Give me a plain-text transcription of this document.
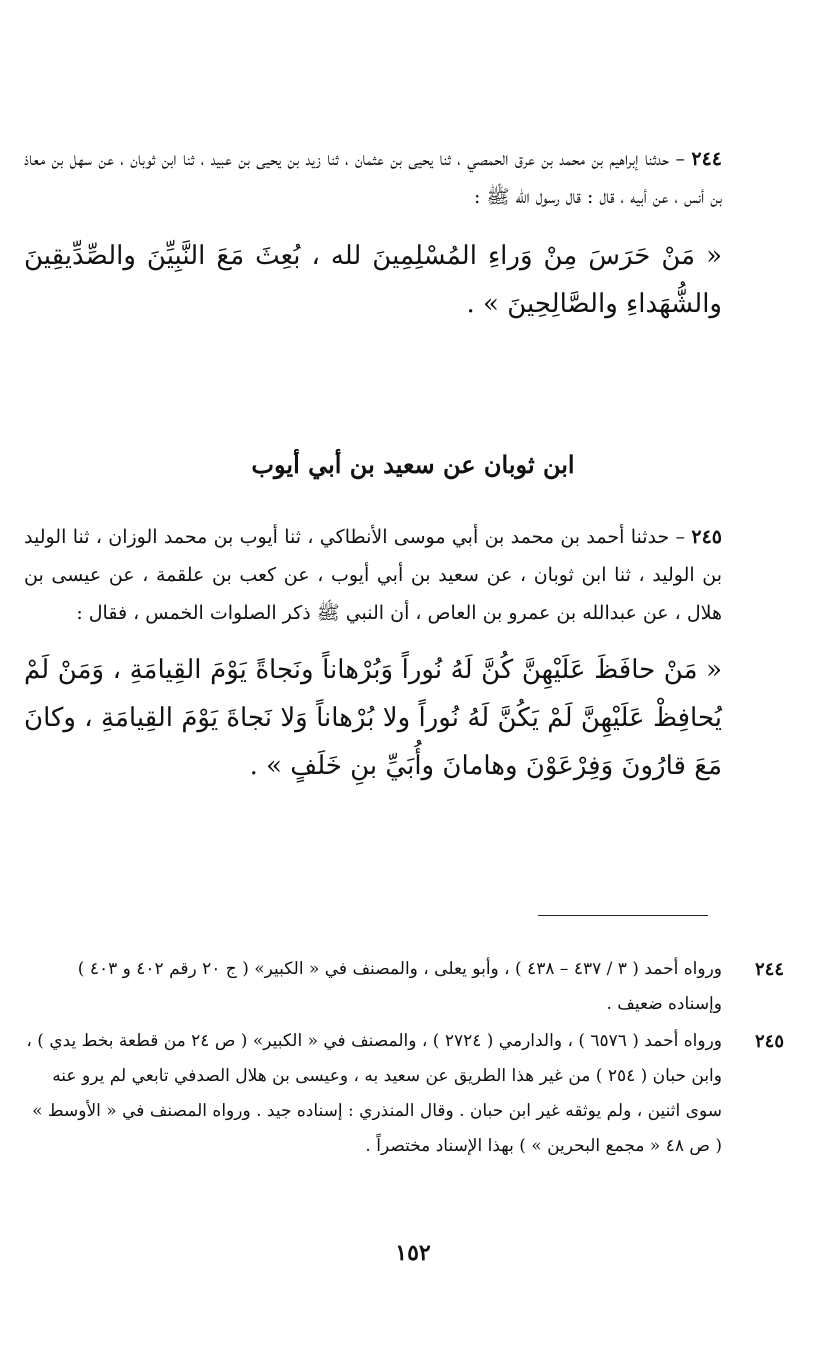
٢٤٤ – حدثنا إبراهيم بن محمد بن عرق الحمصي ، ثنا يحيى بن عثمان ، ثنا زيد بن يحيى بن عبيد ، ثنا ابن ثوبان ، عن سهل بن معاذ بن أنس ، عن أبيه ، قال : قال رسول الله ﷺ :

« مَنْ حَرَسَ مِنْ وَراءِ المُسْلِمِينَ لله ، بُعِثَ مَعَ النَّبِيِّنَ والصِّدِّيقِينَ والشُّهَداءِ والصَّالِحِينَ » .

ابن ثوبان عن سعيد بن أبي أيوب

٢٤٥ – حدثنا أحمد بن محمد بن أبي موسى الأنطاكي ، ثنا أيوب بن محمد الوزان ، ثنا الوليد بن الوليد ، ثنا ابن ثوبان ، عن سعيد بن أبي أيوب ، عن كعب بن علقمة ، عن عيسى بن هلال ، عن عبدالله بن عمرو بن العاص ، أن النبي ﷺ ذكر الصلوات الخمس ، فقال :

« مَنْ حافَظَ عَلَيْهِنَّ كُنَّ لَهُ نُوراً وَبُرْهاناً ونَجاةً يَوْمَ القِيامَةِ ، وَمَنْ لَمْ يُحافِظْ عَلَيْهِنَّ لَمْ يَكُنَّ لَهُ نُوراً ولا بُرْهاناً وَلا نَجاةَ يَوْمَ القِيامَةِ ، وكانَ مَعَ قارُونَ وَفِرْعَوْنَ وهامانَ وأُبَيِّ بنِ خَلَفٍ » .

٢٤٤
ورواه أحمد ( ٣ / ٤٣٧ – ٤٣٨ ) ، وأبو يعلى ، والمصنف في « الكبير» ( ج ٢٠ رقم ٤٠٢ و ٤٠٣ ) وإسناده ضعيف .
٢٤٥
ورواه أحمد ( ٦٥٧٦ ) ، والدارمي ( ٢٧٢٤ ) ، والمصنف في « الكبير» ( ص ٢٤ من قطعة بخط يدي ) ، وابن حبان ( ٢٥٤ ) من غير هذا الطريق عن سعيد به ، وعيسى بن هلال الصدفي تابعي لم يرو عنه سوى اثنين ، ولم يوثقه غير ابن حبان . وقال المنذري : إسناده جيد . ورواه المصنف في « الأوسط » ( ص ٤٨ « مجمع البحرين » ) بهذا الإسناد مختصراً .
١٥٢
